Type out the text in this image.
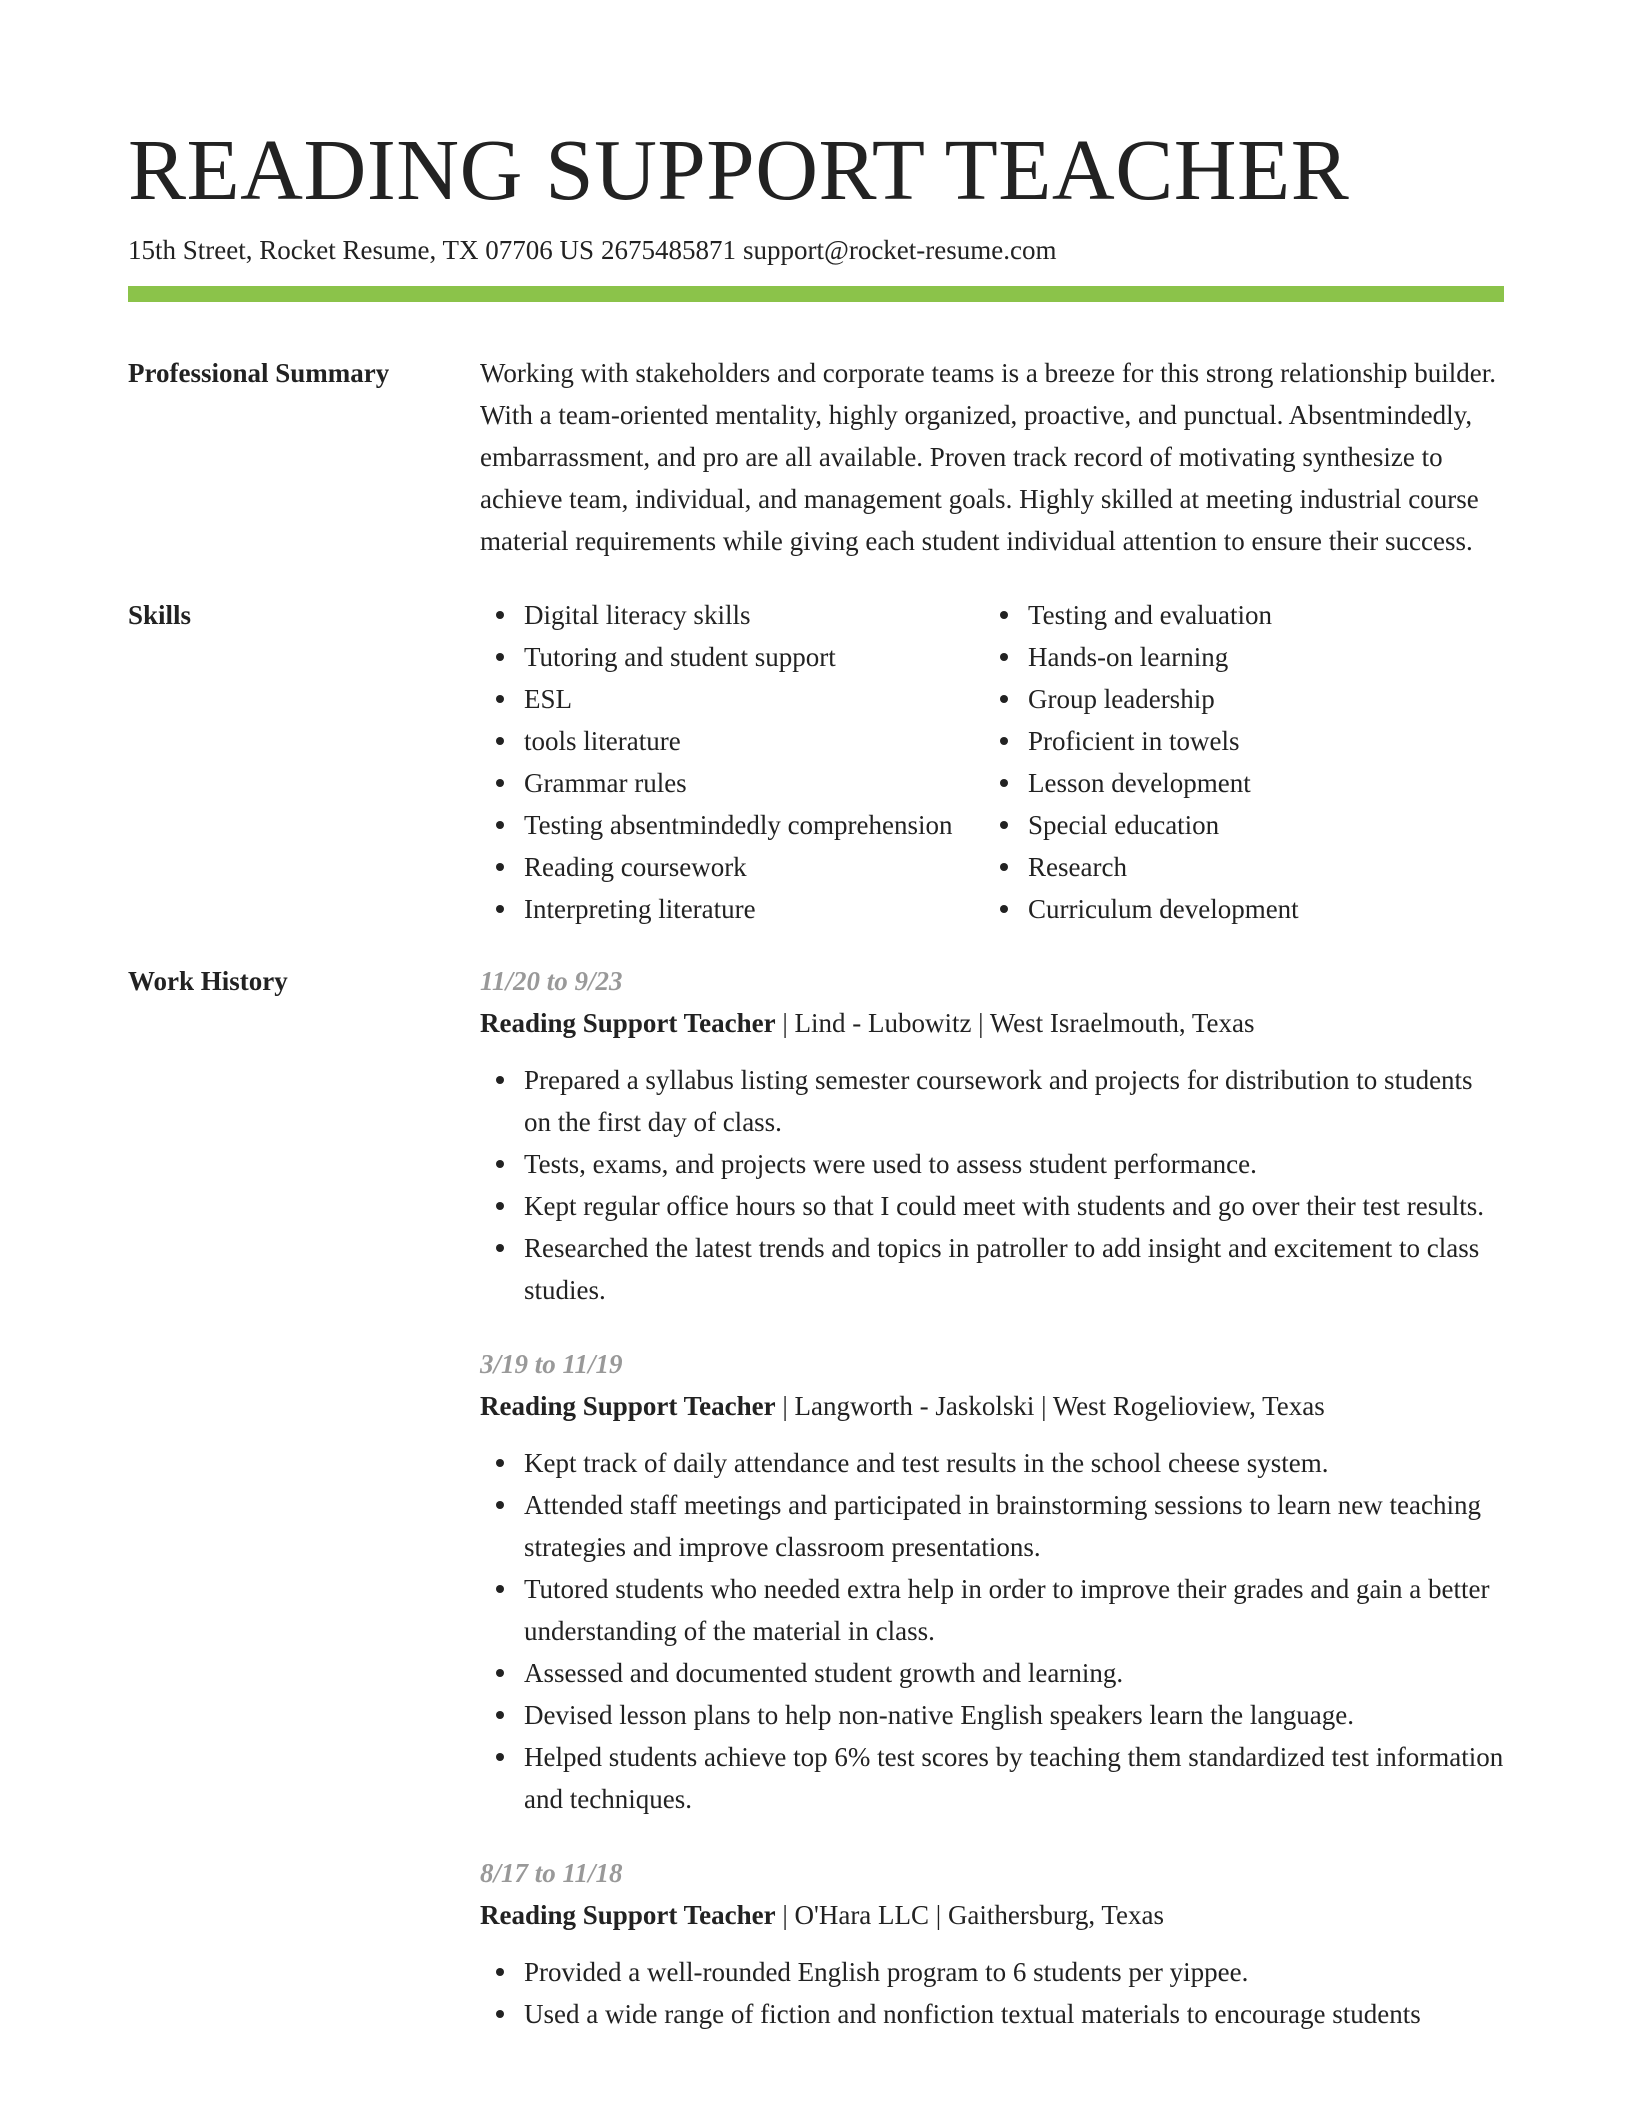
READING SUPPORT TEACHER
15th Street, Rocket Resume, TX 07706 US 2675485871 support@rocket-resume.com
Professional Summary	Working with stakeholders and corporate teams is a breeze for this strong relationship builder. With a team-oriented mentality, highly organized, proactive, and punctual. Absentmindedly, embarrassment, and pro are all available. Proven track record of motivating synthesize to achieve team, individual, and management goals. Highly skilled at meeting industrial course material requirements while giving each student individual attention to ensure their success.

Skills	Digital literacy skills
Tutoring and student support
ESL
tools literature
Grammar rules
Testing absentmindedly comprehension
Reading coursework
Interpreting literature
Testing and evaluation
Hands-on learning
Group leadership
Proficient in towels
Lesson development
Special education
Research
Curriculum development
Work History	11/20 to 9/23
Reading Support Teacher | Lind - Lubowitz | West Israelmouth, Texas
Prepared a syllabus listing semester coursework and projects for distribution to students on the first day of class.
Tests, exams, and projects were used to assess student performance.
Kept regular office hours so that I could meet with students and go over their test results.
Researched the latest trends and topics in patroller to add insight and excitement to class studies.
3/19 to 11/19
Reading Support Teacher | Langworth - Jaskolski | West Rogelioview, Texas
Kept track of daily attendance and test results in the school cheese system.
Attended staff meetings and participated in brainstorming sessions to learn new teaching strategies and improve classroom presentations.
Tutored students who needed extra help in order to improve their grades and gain a better understanding of the material in class.
Assessed and documented student growth and learning.
Devised lesson plans to help non-native English speakers learn the language.
Helped students achieve top 6% test scores by teaching them standardized test information and techniques.
8/17 to 11/18
Reading Support Teacher | O'Hara LLC | Gaithersburg, Texas
Provided a well-rounded English program to 6 students per yippee.
Used a wide range of fiction and nonfiction textual materials to encourage students
